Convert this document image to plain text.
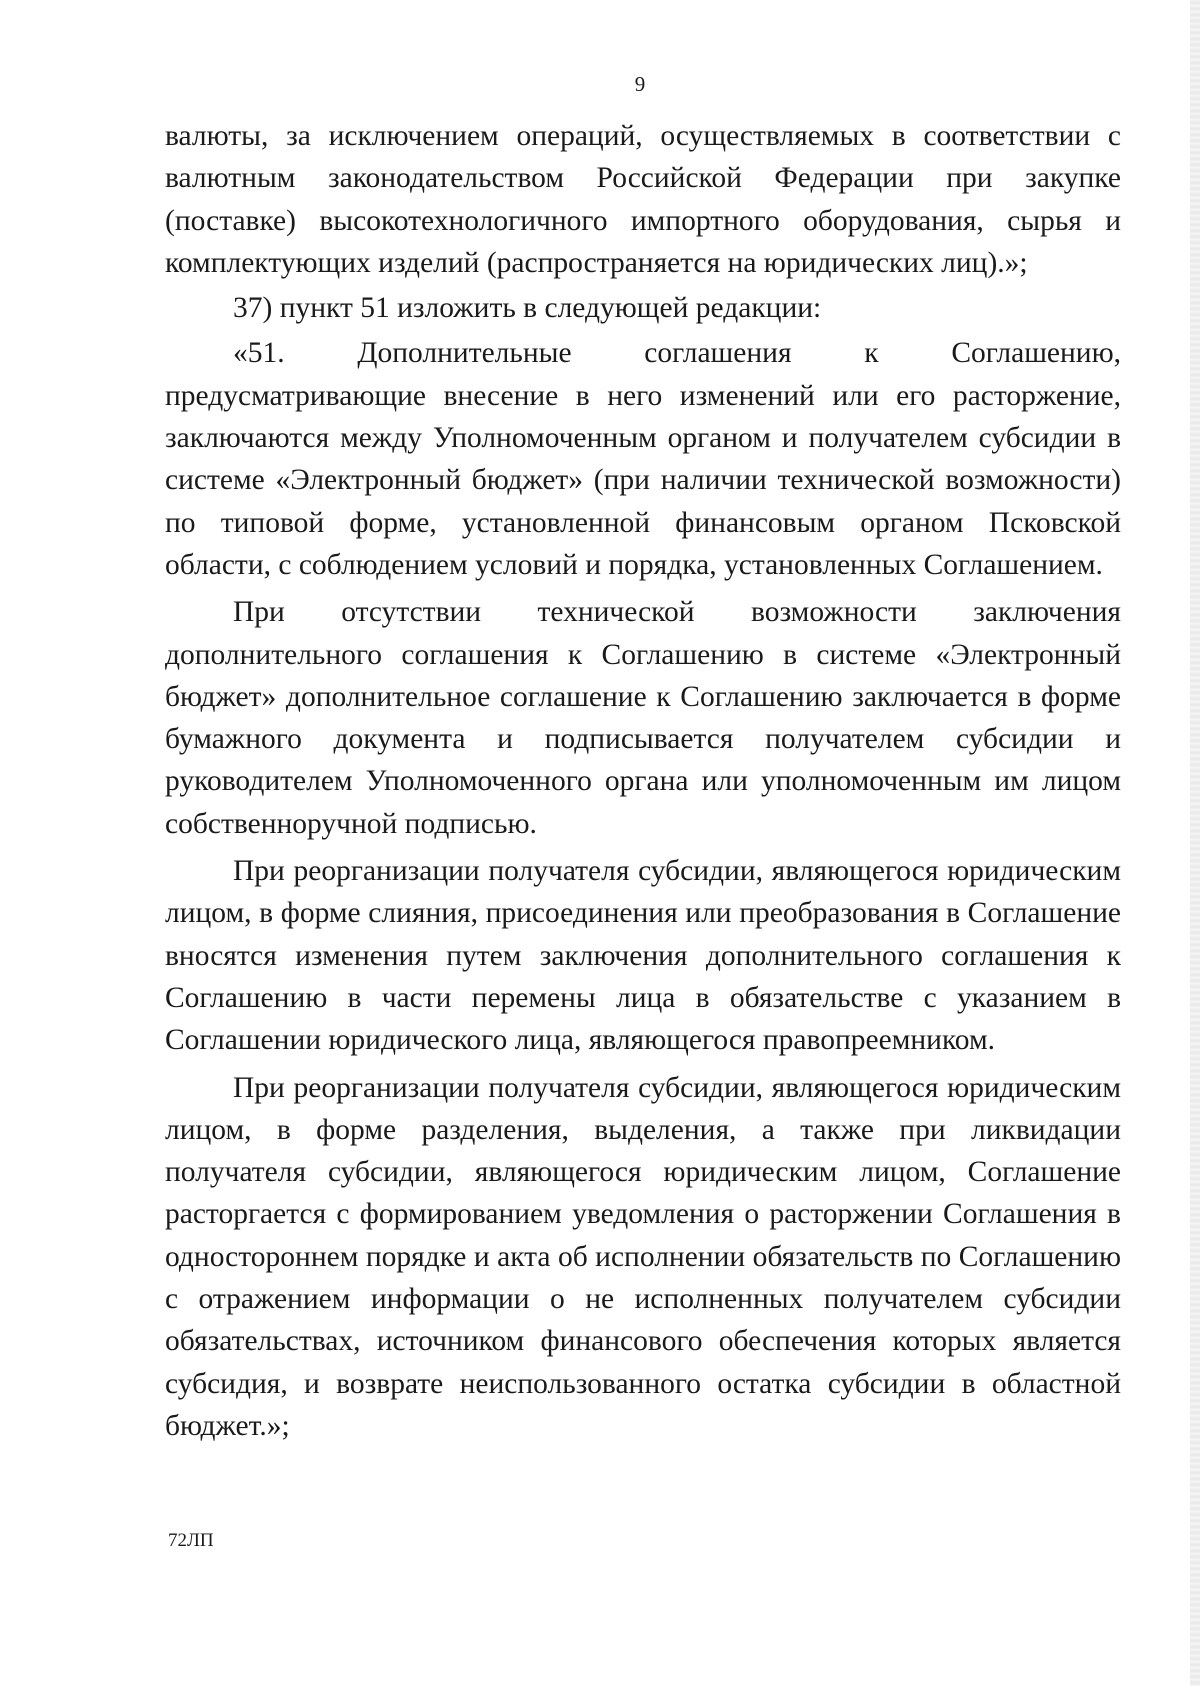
9

валюты, за исключением операций, осуществляемых в соответствии с валютным законодательством Российской Федерации при закупке (поставке) высокотехнологичного импортного оборудования, сырья и комплектующих изделий (распространяется на юридических лиц).»;

37) пункт 51 изложить в следующей редакции:

«51. Дополнительные соглашения к Соглашению, предусматривающие внесение в него изменений или его расторжение, заключаются между Уполномоченным органом и получателем субсидии в системе «Электронный бюджет» (при наличии технической возможности) по типовой форме, установленной финансовым органом Псковской области, с соблюдением условий и порядка, установленных Соглашением.

При отсутствии технической возможности заключения дополнительного соглашения к Соглашению в системе «Электронный бюджет» дополнительное соглашение к Соглашению заключается в форме бумажного документа и подписывается получателем субсидии и руководителем Уполномоченного органа или уполномоченным им лицом собственноручной подписью.

При реорганизации получателя субсидии, являющегося юридическим лицом, в форме слияния, присоединения или преобразования в Соглашение вносятся изменения путем заключения дополнительного соглашения к Соглашению в части перемены лица в обязательстве с указанием в Соглашении юридического лица, являющегося правопреемником.

При реорганизации получателя субсидии, являющегося юридическим лицом, в форме разделения, выделения, а также при ликвидации получателя субсидии, являющегося юридическим лицом, Соглашение расторгается с формированием уведомления о расторжении Соглашения в одностороннем порядке и акта об исполнении обязательств по Соглашению с отражением информации о не исполненных получателем субсидии обязательствах, источником финансового обеспечения которых является субсидия, и возврате неиспользованного остатка субсидии в областной бюджет.»;

72ЛП
